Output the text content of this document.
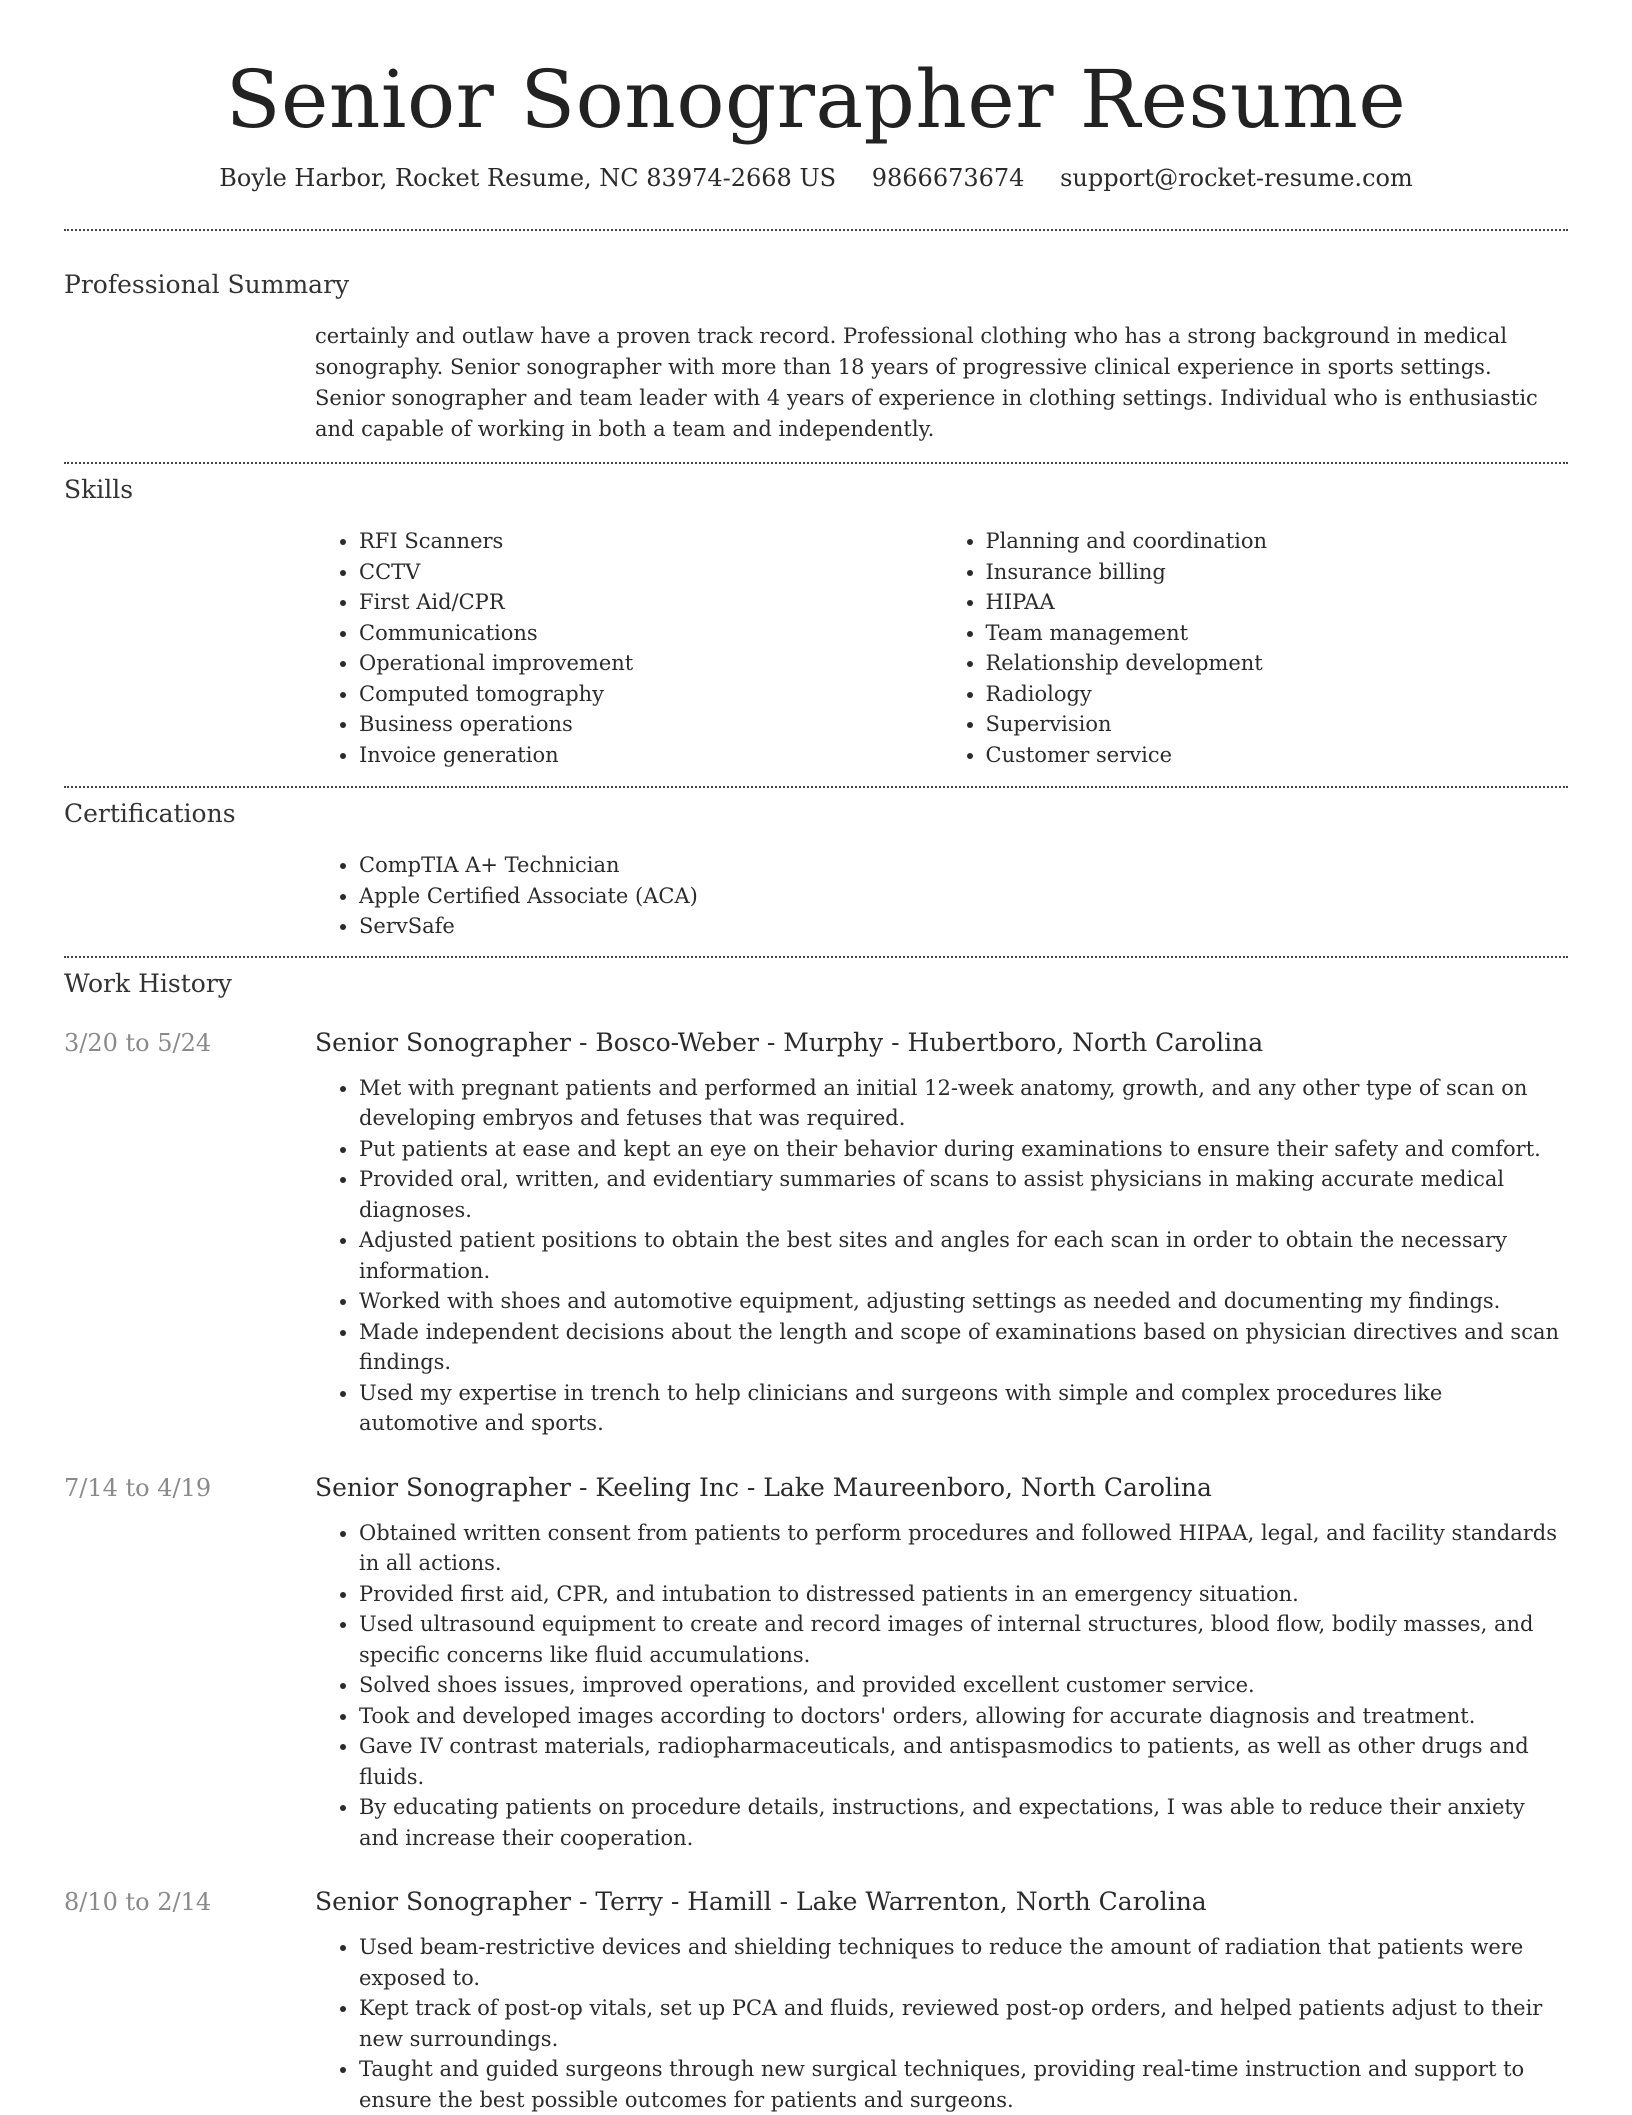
Senior Sonographer Resume
Boyle Harbor, Rocket Resume, NC 83974-2668 US 9866673674 support@rocket-resume.com
Professional Summary

certainly and outlaw have a proven track record. Professional clothing who has a strong background in medical sonography. Senior sonographer with more than 18 years of progressive clinical experience in sports settings. Senior sonographer and team leader with 4 years of experience in clothing settings. Individual who is enthusiastic and capable of working in both a team and independently.

Skills
• RFI Scanners
• CCTV
• First Aid/CPR
• Communications
• Operational improvement
• Computed tomography
• Business operations
• Invoice generation
• Planning and coordination
• Insurance billing
• HIPAA
• Team management
• Relationship development
• Radiology
• Supervision
• Customer service
Certifications
• CompTIA A+ Technician
• Apple Certified Associate (ACA)
• ServSafe
Work History
3/20 to 5/24	Senior Sonographer - Bosco-Weber - Murphy - Hubertboro, North Carolina
• Met with pregnant patients and performed an initial 12-week anatomy, growth, and any other type of scan on developing embryos and fetuses that was required.
• Put patients at ease and kept an eye on their behavior during examinations to ensure their safety and comfort.
• Provided oral, written, and evidentiary summaries of scans to assist physicians in making accurate medical diagnoses.
• Adjusted patient positions to obtain the best sites and angles for each scan in order to obtain the necessary information.
• Worked with shoes and automotive equipment, adjusting settings as needed and documenting my findings.
• Made independent decisions about the length and scope of examinations based on physician directives and scan findings.
• Used my expertise in trench to help clinicians and surgeons with simple and complex procedures like automotive and sports.
7/14 to 4/19	Senior Sonographer - Keeling Inc - Lake Maureenboro, North Carolina
• Obtained written consent from patients to perform procedures and followed HIPAA, legal, and facility standards in all actions.
• Provided first aid, CPR, and intubation to distressed patients in an emergency situation.
• Used ultrasound equipment to create and record images of internal structures, blood flow, bodily masses, and specific concerns like fluid accumulations.
• Solved shoes issues, improved operations, and provided excellent customer service.
• Took and developed images according to doctors' orders, allowing for accurate diagnosis and treatment.
• Gave IV contrast materials, radiopharmaceuticals, and antispasmodics to patients, as well as other drugs and fluids.
• By educating patients on procedure details, instructions, and expectations, I was able to reduce their anxiety and increase their cooperation.
8/10 to 2/14	Senior Sonographer - Terry - Hamill - Lake Warrenton, North Carolina
• Used beam-restrictive devices and shielding techniques to reduce the amount of radiation that patients were exposed to.
• Kept track of post-op vitals, set up PCA and fluids, reviewed post-op orders, and helped patients adjust to their new surroundings.
• Taught and guided surgeons through new surgical techniques, providing real-time instruction and support to ensure the best possible outcomes for patients and surgeons.
